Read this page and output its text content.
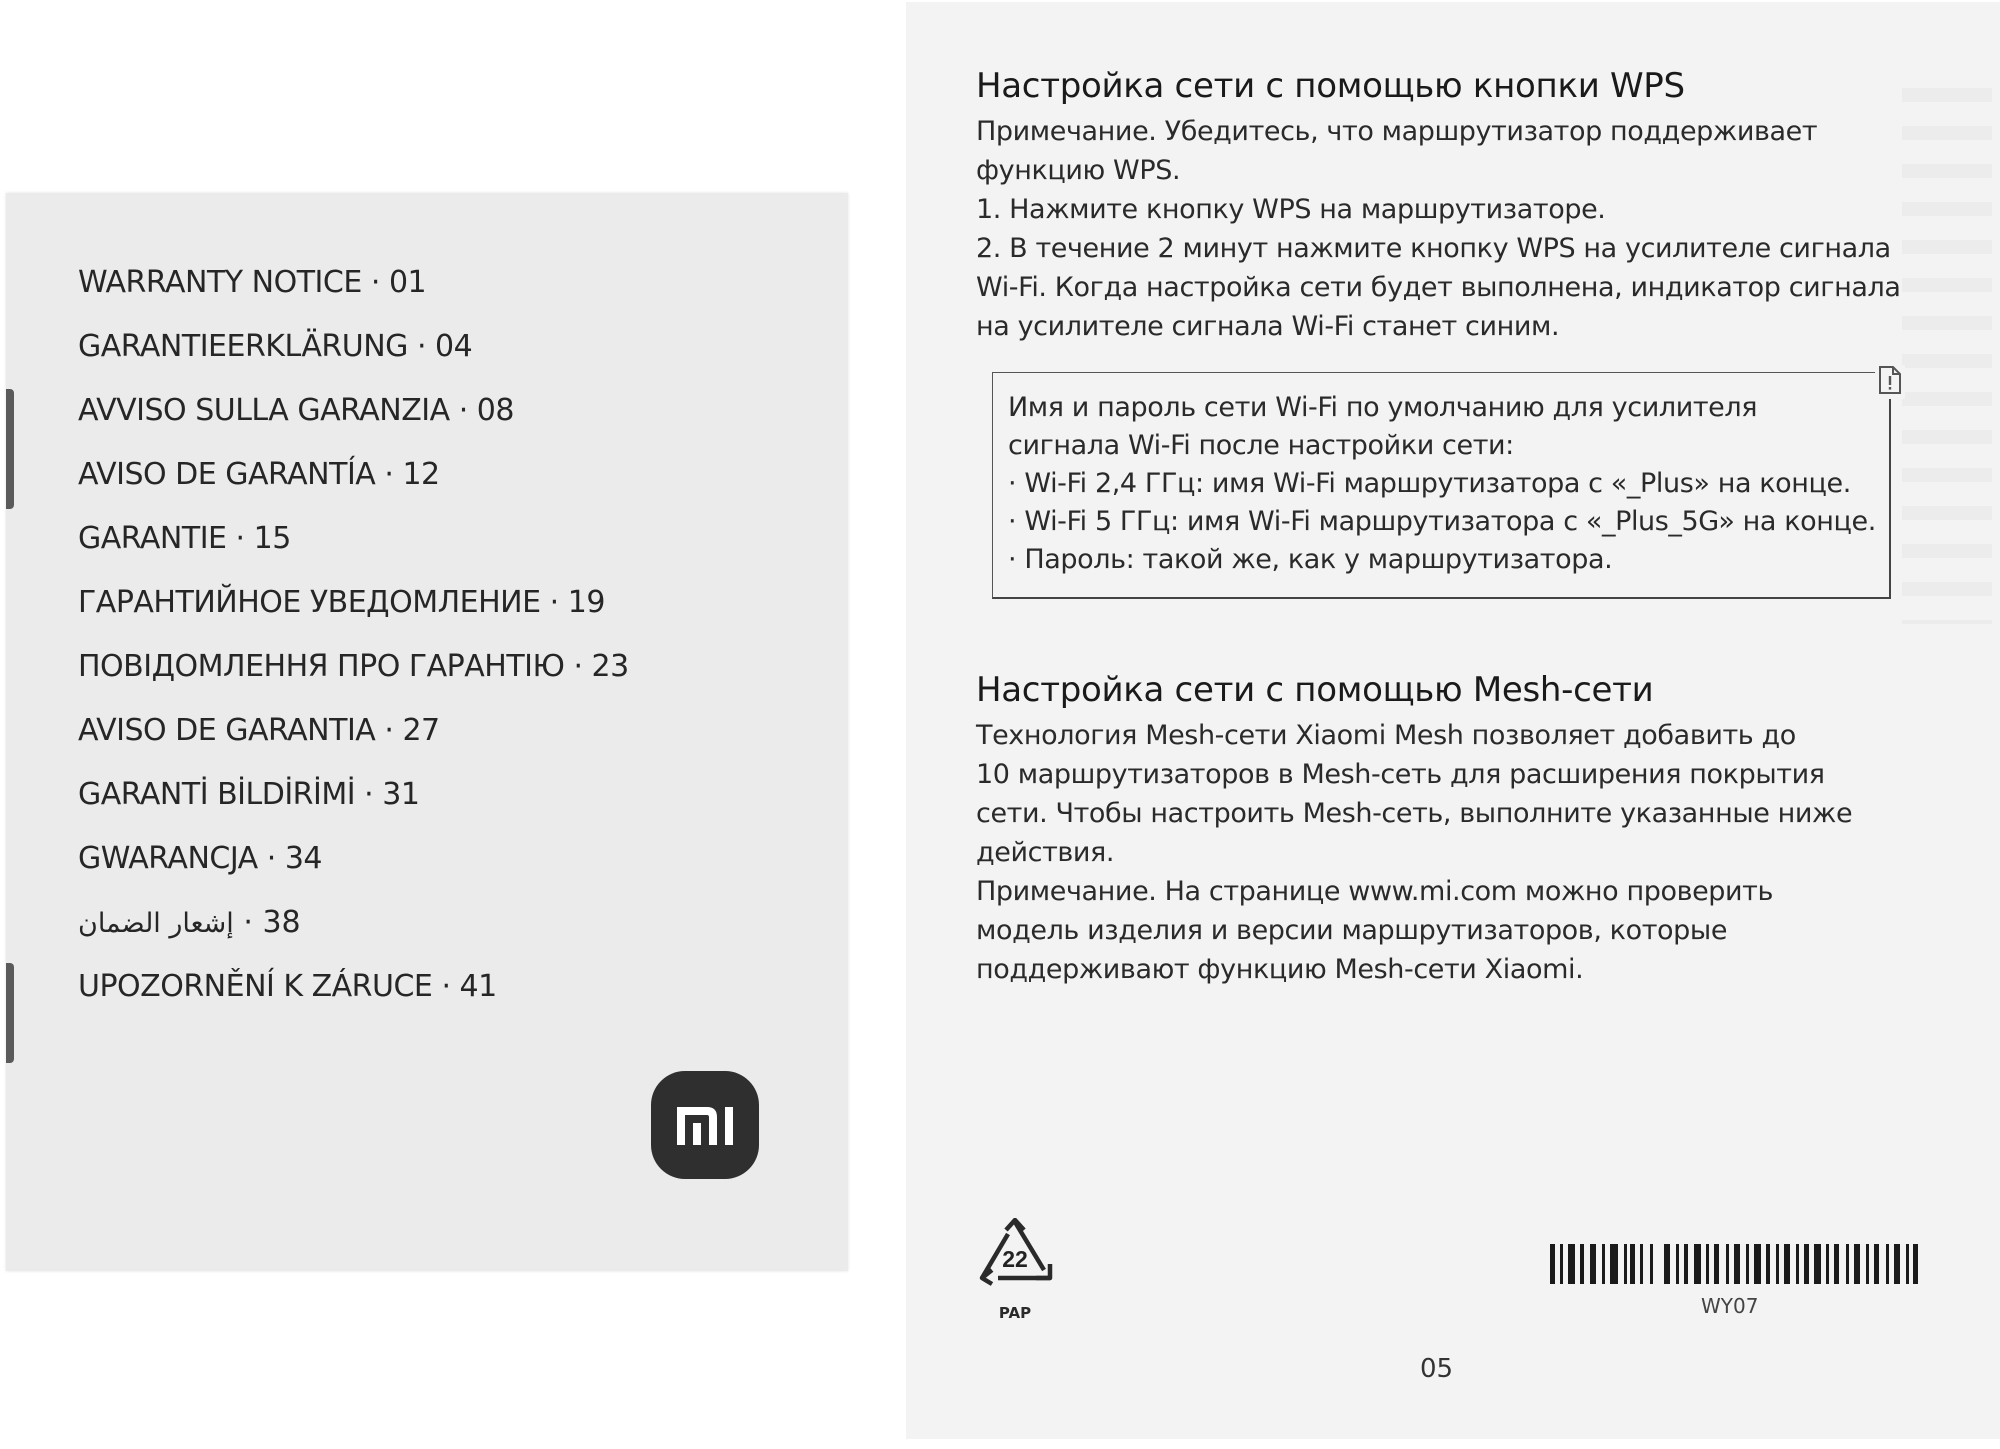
WARRANTY NOTICE · 01
GARANTIEERKLÄRUNG · 04
AVVISO SULLA GARANZIA · 08
AVISO DE GARANTÍA · 12
GARANTIE · 15
ГАРАНТИЙНОЕ УВЕДОМЛЕНИЕ · 19
ПОВІДОМЛЕННЯ ПРО ГАРАНТІЮ · 23
AVISO DE GARANTIA · 27
GARANTİ BİLDİRİMİ · 31
GWARANCJA · 34
إشعار الضمان · 38
UPOZORNĚNÍ K ZÁRUCE · 41
Настройка сети с помощью кнопки WPS

Примечание. Убедитесь, что маршрутизатор поддерживает

функцию WPS.

1. Нажмите кнопку WPS на маршрутизаторе.

2. В течение 2 минут нажмите кнопку WPS на усилителе сигнала

Wi-Fi. Когда настройка сети будет выполнена, индикатор сигнала

на усилителе сигнала Wi-Fi станет синим.

Имя и пароль сети Wi-Fi по умолчанию для усилителя

сигнала Wi-Fi после настройки сети:

· Wi-Fi 2,4 ГГц: имя Wi-Fi маршрутизатора с «_Plus» на конце.

· Wi-Fi 5 ГГц: имя Wi-Fi маршрутизатора с «_Plus_5G» на конце.

· Пароль: такой же, как у маршрутизатора.

Настройка сети с помощью Mesh-сети

Технология Mesh-сети Xiaomi Mesh позволяет добавить до

10 маршрутизаторов в Mesh-сеть для расширения покрытия

сети. Чтобы настроить Mesh-сеть, выполните указанные ниже

действия.

Примечание. На странице www.mi.com можно проверить

модель изделия и версии маршрутизаторов, которые

поддерживают функцию Mesh-сети Xiaomi.

22
PAP	WY07
05
